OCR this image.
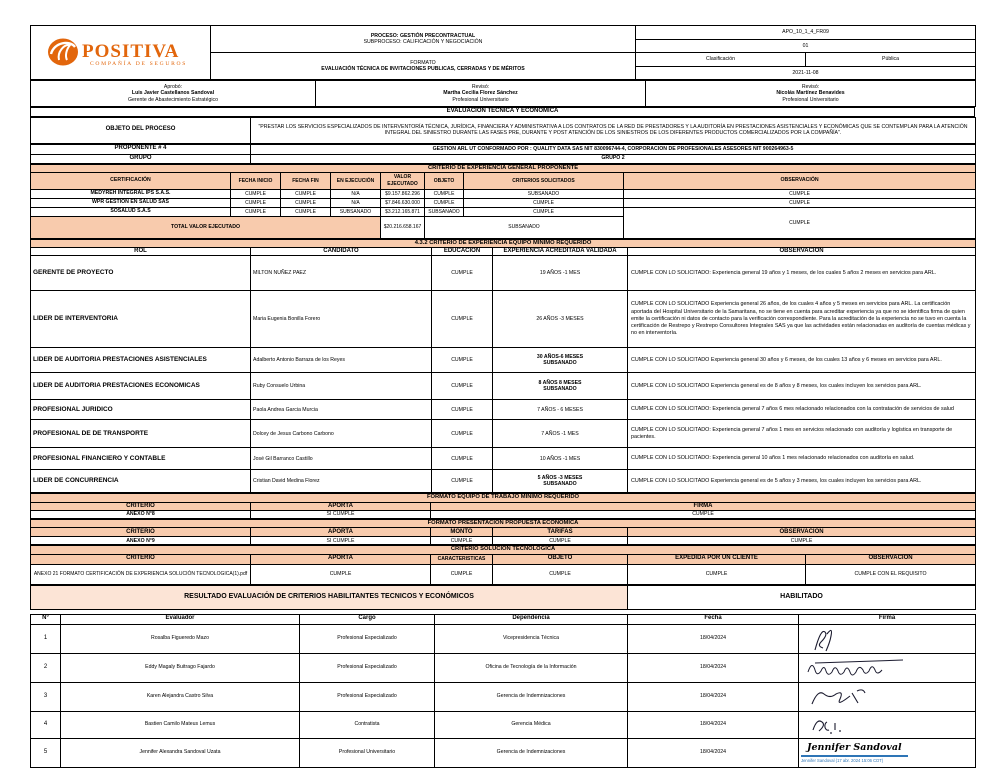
POSITIVA
COMPAÑÍA DE SEGUROS

PROCESO: GESTIÓN PRECONTRACTUAL
SUBPROCESO: CALIFICACIÓN Y NEGOCIACIÓN
	APO_10_1_4_FR09
		01	

	FORMATO
EVALUACIÓN TÉCNICA DE INVITACIONES PUBLICAS, CERRADAS Y DE MÉRITOS	Clasificación	Pública
		2021-11-08	
Aprobó:
Luis Javier Castellanos Sandoval
Gerente de Abastecimiento Estratégico

Revisó:
Martha Cecilia Florez Sánchez
Profesional Universitario

Revisó:
Nicolás Martínez Benavides
Profesional Universitario
EVALUACIÓN TÉCNICA Y ECONÓMICA
OBJETO DEL PROCESO	"PRESTAR LOS SERVICIOS ESPECIALIZADOS DE INTERVENTORÍA TÉCNICA, JURÍDICA, FINANCIERA Y ADMINISTRATIVA A LOS CONTRATOS DE LA RED DE PRESTADORES Y LA AUDITORÍA EN PRESTACIONES ASISTENCIALES Y ECONÓMICAS QUE SE CONTEMPLAN PARA LA ATENCIÓN INTEGRAL DEL SINIESTRO DURANTE LAS FASES PRE, DURANTE Y POST ATENCIÓN DE LOS SINIESTROS DE LOS DIFERENTES PRODUCTOS COMERCIALIZADOS POR LA COMPAÑÍA".
PROPONENTE # 4	GESTION ARL UT CONFORMADO POR : QUALITY DATA SAS NIT 830096744-4, CORPORACION DE PROFESIONALES ASESORES NIT 900264963-5
GRUPO	GRUPO 2
CRITERIO DE EXPERIENCIA GENERAL PROPONENTE							
CERTIFICACIÓN	FECHA INICIO	FECHA FIN	EN EJECUCIÓN	VALOR EJECUTADO	OBJETO	CRITERIOS SOLICITADOS	OBSERVACIÓN
MEDYREH INTEGRAL IPS S.A.S.	CUMPLE	CUMPLE	N/A	$9.157.862.296	CUMPLE	SUBSANADO	CUMPLE
WPR GESTION EN SALUD SAS	CUMPLE	CUMPLE	N/A	$7.846.630.000	CUMPLE	CUMPLE	CUMPLE
SOSALUD S.A.S	CUMPLE	CUMPLE	SUBSANADO	$3.212.165.871	SUBSANADO	CUMPLE	CUMPLE
TOTAL VALOR EJECUTADO				$20.216.658.167	SUBSANADO		
4.3.2 CRITERIO DE EXPERIENCIA EQUIPO MINIMO REQUERIDO				
ROL	CANDIDATO	EDUCACIÓN	EXPERIENCIA ACREDITADA VALIDADA	OBSERVACIÓN
GERENTE DE PROYECTO	MILTON NUÑEZ PAEZ	CUMPLE	19 AÑOS -1 MES	CUMPLE CON LO SOLICITADO: Experiencia general 19 años y 1 meses, de los cuales 5 años 2 meses en servicios para ARL.
LIDER DE INTERVENTORIA	Maria Eugenia Bonilla Forero	CUMPLE	26 AÑOS -3 MESES	CUMPLE CON LO SOLICITADO Experiencia general 26 años, de los cuales 4 años y 5 meses en servicios para ARL. La certificación aportada del Hospital Universitario de la Samaritana, no se tiene en cuenta para acreditar experiencia ya que no se identifica firma de quien emite la certificación ni datos de contacto para la verificación correspondiente. Para la acreditación de la experiencia no se tuvo en cuenta la certificación de Restrepo y Restrepo Consultores Integrales SAS ya que las actividades están relacionadas en auditoría de cuentas médicas y no en interventoría.
LIDER DE AUDITORIA PRESTACIONES ASISTENCIALES	Adalberto Antonio Barraza de los Reyes	CUMPLE	30 AÑOS-6 MESES
SUBSANADO	CUMPLE CON LO SOLICITADO Experiencia general 30 años y 6 meses, de los cuales 13 años y 6 meses en servicios para ARL.
LIDER DE AUDITORIA PRESTACIONES ECONOMICAS	Ruby Consuelo Urbina	CUMPLE	8 AÑOS 8 MESES
SUBSANADO	CUMPLE CON LO SOLICITADO Experiencia general es de 8 años y 8 meses, los cuales incluyen los servicios para ARL.
PROFESIONAL JURIDICO	Paola Andrea Garcia Murcia	CUMPLE	7 AÑOS - 6 MESES	CUMPLE CON LO SOLICITADO: Experiencia general 7 años 6 mes relacionado relacionados con la contratación de servicios de salud
PROFESIONAL DE DE TRANSPORTE	Dolcey de Jesus Carbono Carbono	CUMPLE	7 AÑOS -1 MES	CUMPLE CON LO SOLICITADO: Experiencia general 7 años 1 mes en servicios relacionado con auditoría y logística en transporte de pacientes.
PROFESIONAL FINANCIERO Y CONTABLE	José Gil Barranco Castillo	CUMPLE	10 AÑOS -1 MES	CUMPLE CON LO SOLICITADO: Experiencia general 10 años 1 mes relacionado relacionados con auditoría en salud.
LIDER DE CONCURRENCIA	Cristian David Medina Florez	CUMPLE	5 AÑOS -3 MESES
SUBSANADO	CUMPLE CON LO SOLICITADO Experiencia general es de 5 años y 3 meses, los cuales incluyen los servicios para ARL.
FORMATO EQUIPO DE TRABAJO MINIMO REQUERIDO		
CRITERIO	APORTA	FIRMA
ANEXO N°8	SI CUMPLE	CUMPLE
FORMATO PRESENTACIÓN PROPUESTA ECONOMICA				
CRITERIO	APORTA	MONTO	TARIFAS	OBSERVACIÓN
ANEXO N°9	SI CUMPLE	CUMPLE	CUMPLE	CUMPLE
CRITERIO SOLUCIÓN TECNOLOGICA					
CRITERIO	APORTA	CARACTERISTICAS	OBJETO	EXPEDIDA POR UN CLIENTE	OBSERVACIÓN
ANEXO 21 FORMATO CERTIFICACIÓN DE EXPERIENCIA SOLUCIÓN TECNOLOGICA(1).pdf	CUMPLE	CUMPLE	CUMPLE	CUMPLE	CUMPLE CON EL REQUISITO
RESULTADO EVALUACIÓN DE CRITERIOS HABILITANTES TECNICOS Y ECONÓMICOS	HABILITADO
N°	Evaluador	Cargo	Dependencia	Fecha	Firma
1	Rosalba Figueredo Mazo	Profesional Especializado	Vicepresidencia Técnica	18/04/2024	

2	Eddy Magaly Buitrago Fajardo	Profesional Especializado	Oficina de Tecnología de la Información	18/04/2024	

3	Karen Alejandra Castro Silva	Profesional Especializado	Gerencia de Indemnizaciones	18/04/2024	

4	Bastien Camilo Mateus Lemus	Contratista	Gerencia Médica	18/04/2024	

5	Jennifer Alexandra Sandoval Uzata	Profesional Universitario	Gerencia de Indemnizaciones	18/04/2024	Jennifer Sandoval
Jennifer Sandoval (17 abr. 2024 15:06 CDT)
